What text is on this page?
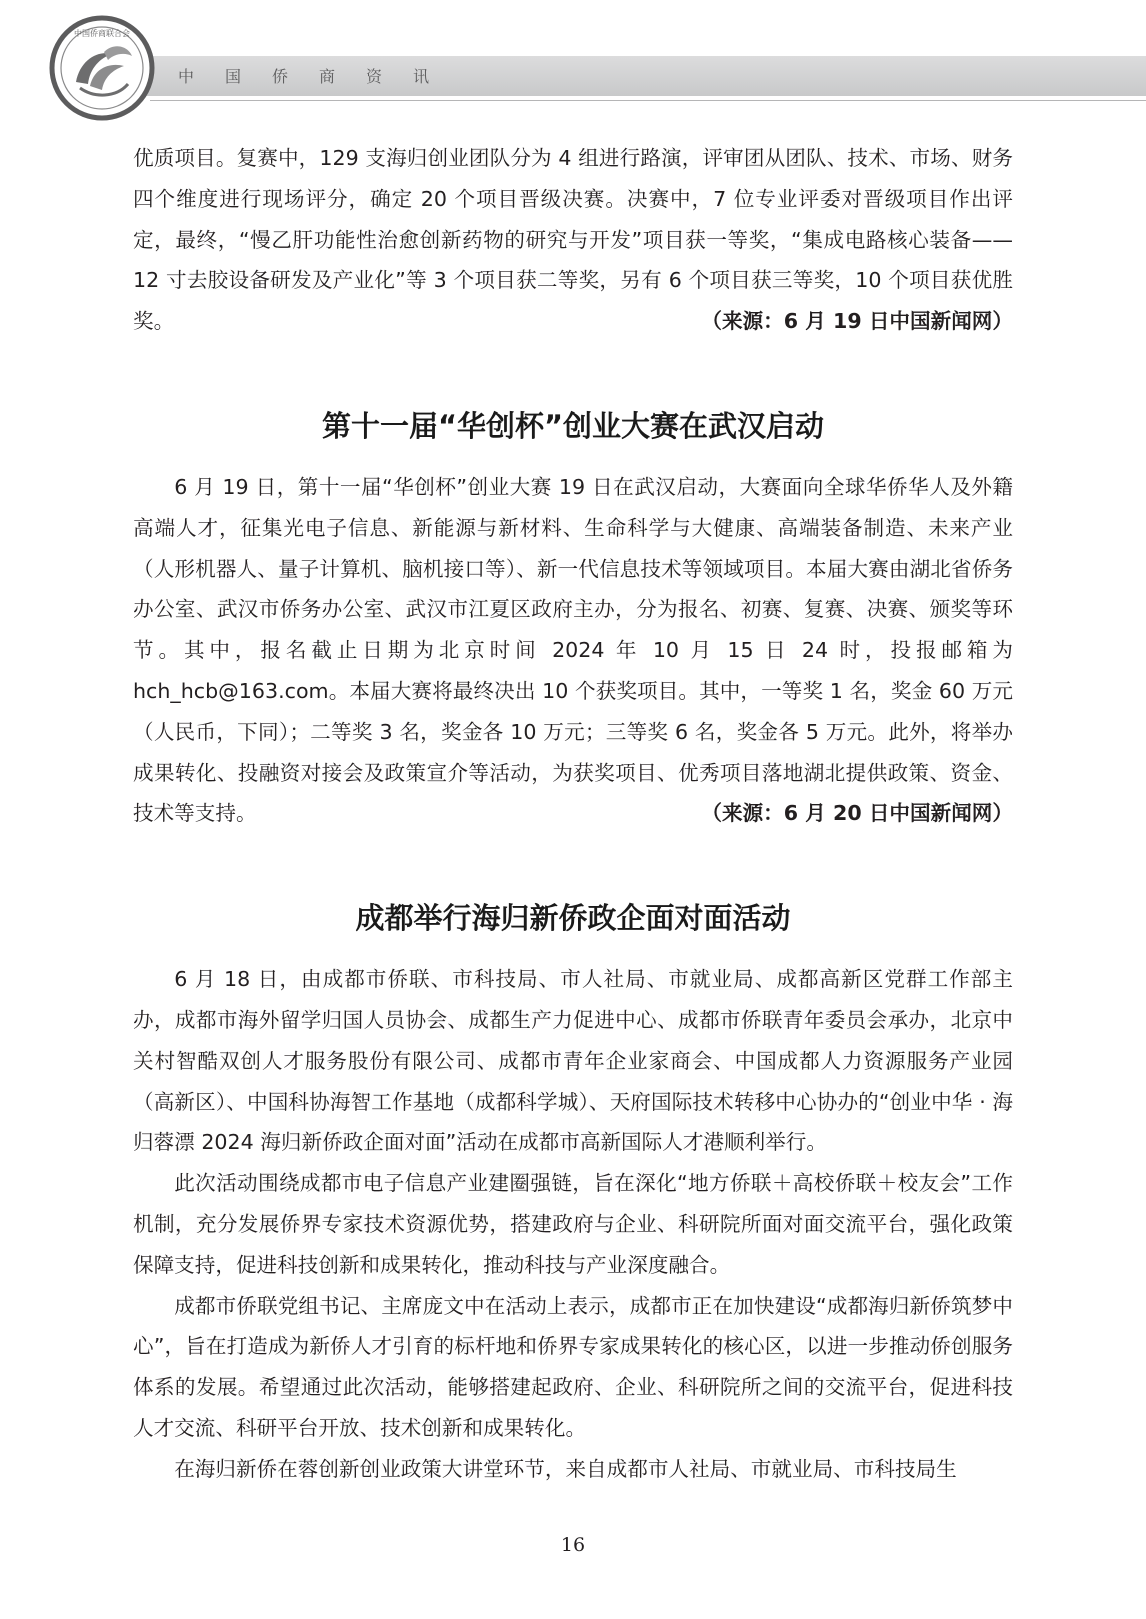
中国侨商联合会
中国侨商资讯

优质项目。复赛中，129 支海归创业团队分为 4 组进行路演，评审团从团队、技术、市场、财务四个维度进行现场评分，确定 20 个项目晋级决赛。决赛中，7 位专业评委对晋级项目作出评定，最终，“慢乙肝功能性治愈创新药物的研究与开发”项目获一等奖，“集成电路核心装备——12 寸去胶设备研发及产业化”等 3 个项目获二等奖，另有 6 个项目获三等奖，10 个项目获优胜奖。	（来源：6 月 19 日中国新闻网）
第十一届“华创杯”创业大赛在武汉启动

6 月 19 日，第十一届“华创杯”创业大赛 19 日在武汉启动，大赛面向全球华侨华人及外籍高端人才，征集光电子信息、新能源与新材料、生命科学与大健康、高端装备制造、未来产业（人形机器人、量子计算机、脑机接口等）、新一代信息技术等领域项目。本届大赛由湖北省侨务办公室、武汉市侨务办公室、武汉市江夏区政府主办，分为报名、初赛、复赛、决赛、颁奖等环节。其中，报名截止日期为北京时间 2024 年 10 月 15 日 24 时，投报邮箱为 hch_hcb@163.com。本届大赛将最终决出 10 个获奖项目。其中，一等奖 1 名，奖金 60 万元（人民币，下同）；二等奖 3 名，奖金各 10 万元；三等奖 6 名，奖金各 5 万元。此外，将举办成果转化、投融资对接会及政策宣介等活动，为获奖项目、优秀项目落地湖北提供政策、资金、技术等支持。	（来源：6 月 20 日中国新闻网）
成都举行海归新侨政企面对面活动

6 月 18 日，由成都市侨联、市科技局、市人社局、市就业局、成都高新区党群工作部主办，成都市海外留学归国人员协会、成都生产力促进中心、成都市侨联青年委员会承办，北京中关村智酷双创人才服务股份有限公司、成都市青年企业家商会、中国成都人力资源服务产业园（高新区）、中国科协海智工作基地（成都科学城）、天府国际技术转移中心协办的“创业中华 · 海归蓉漂 2024 海归新侨政企面对面”活动在成都市高新国际人才港顺利举行。

此次活动围绕成都市电子信息产业建圈强链，旨在深化“地方侨联＋高校侨联＋校友会”工作机制，充分发展侨界专家技术资源优势，搭建政府与企业、科研院所面对面交流平台，强化政策保障支持，促进科技创新和成果转化，推动科技与产业深度融合。

成都市侨联党组书记、主席庞文中在活动上表示，成都市正在加快建设“成都海归新侨筑梦中心”，旨在打造成为新侨人才引育的标杆地和侨界专家成果转化的核心区，以进一步推动侨创服务体系的发展。希望通过此次活动，能够搭建起政府、企业、科研院所之间的交流平台，促进科技人才交流、科研平台开放、技术创新和成果转化。

在海归新侨在蓉创新创业政策大讲堂环节，来自成都市人社局、市就业局、市科技局生

16
